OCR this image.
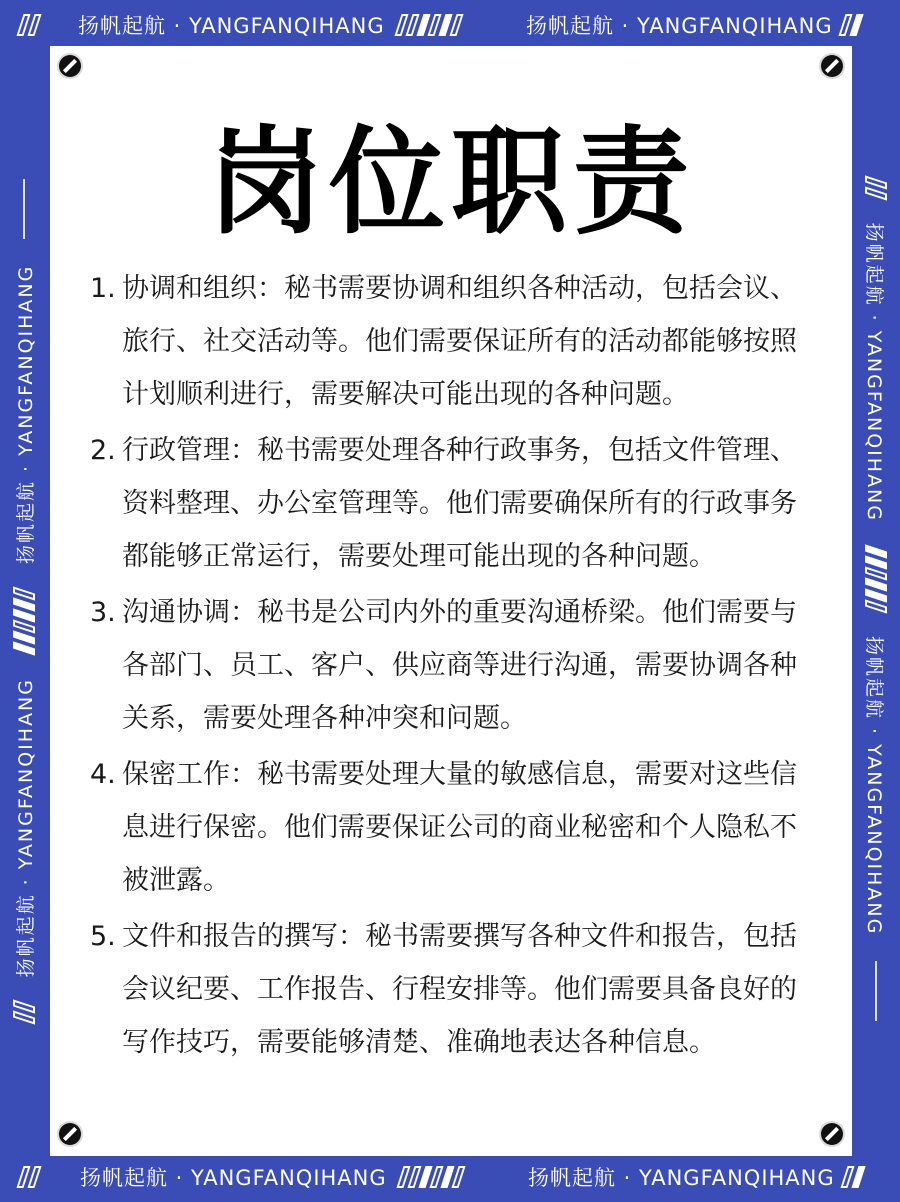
扬帆起航 · YANGFANQIHANG	扬帆起航 · YANGFANQIHANG
扬帆起航 · YANGFANQIHANG	扬帆起航 · YANGFANQIHANG
扬帆起航 · YANGFANQIHANG
扬帆起航 · YANGFANQIHANG	扬帆起航 · YANGFANQIHANG
扬帆起航 · YANGFANQIHANG
岗位职责
1. 协调和组织：秘书需要协调和组织各种活动，包括会议、旅行、社交活动等。他们需要保证所有的活动都能够按照计划顺利进行，需要解决可能出现的各种问题。
2. 行政管理：秘书需要处理各种行政事务，包括文件管理、资料整理、办公室管理等。他们需要确保所有的行政事务都能够正常运行，需要处理可能出现的各种问题。
3. 沟通协调：秘书是公司内外的重要沟通桥梁。他们需要与各部门、员工、客户、供应商等进行沟通，需要协调各种关系，需要处理各种冲突和问题。
4. 保密工作：秘书需要处理大量的敏感信息，需要对这些信息进行保密。他们需要保证公司的商业秘密和个人隐私不被泄露。
5. 文件和报告的撰写：秘书需要撰写各种文件和报告，包括会议纪要、工作报告、行程安排等。他们需要具备良好的写作技巧，需要能够清楚、准确地表达各种信息。
